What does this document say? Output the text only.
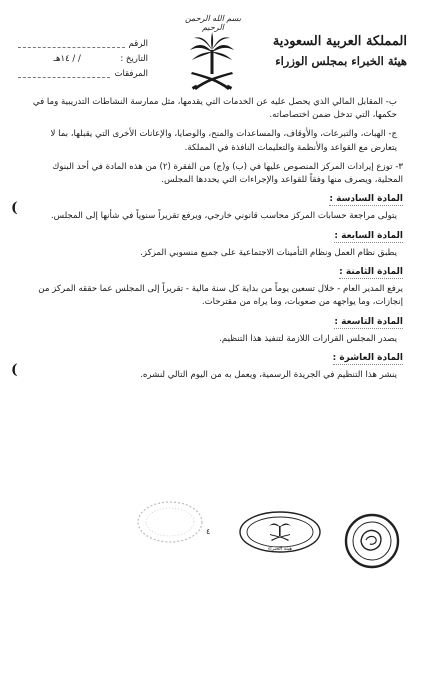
بسم الله الرحمن الرحيم
المملكة العربية السعودية
هيئة الخبراء بمجلس الوزراء
الرقم
التاريخ :
/ / ١٤هـ
المرفقات

ب- المقابل المالي الذي يحصل عليه عن الخدمات التي يقدمها، مثل ممارسة النشاطات التدريبية وما في حكمها، التي تدخل ضمن اختصاصاته.

ج- الهبات، والتبرعات، والأوقاف، والمساعدات والمنح، والوصايا، والإعانات الأخرى التي يقبلها، بما لا يتعارض مع القواعد والأنظمة والتعليمات النافذة في المملكة.

٣- توزع إيرادات المركز المنصوص عليها في (ب) و(ج) من الفقرة (٢) من هذه المادة في أحد البنوك المحلية، ويصرف منها وفقاً للقواعد والإجراءات التي يحددها المجلس.

المادة السادسة :

يتولى مراجعة حسابات المركز محاسب قانوني خارجي، ويرفع تقريراً سنوياً في شأنها إلى المجلس.

المادة السابعة :

يطبق نظام العمل ونظام التأمينات الاجتماعية على جميع منسوبي المركز.

المادة الثامنة :

يرفع المدير العام - خلال تسعين يوماً من بداية كل سنة مالية - تقريراً إلى المجلس عما حققه المركز من إنجازات، وما يواجهه من صعوبات، وما يراه من مقترحات.

المادة التاسعة :

يصدر المجلس القرارات اللازمة لتنفيذ هذا التنظيم.

المادة العاشرة :

ينشر هذا التنظيم في الجريدة الرسمية، ويعمل به من اليوم التالي لنشره.

(
(
٤
هيئة الخبراء
